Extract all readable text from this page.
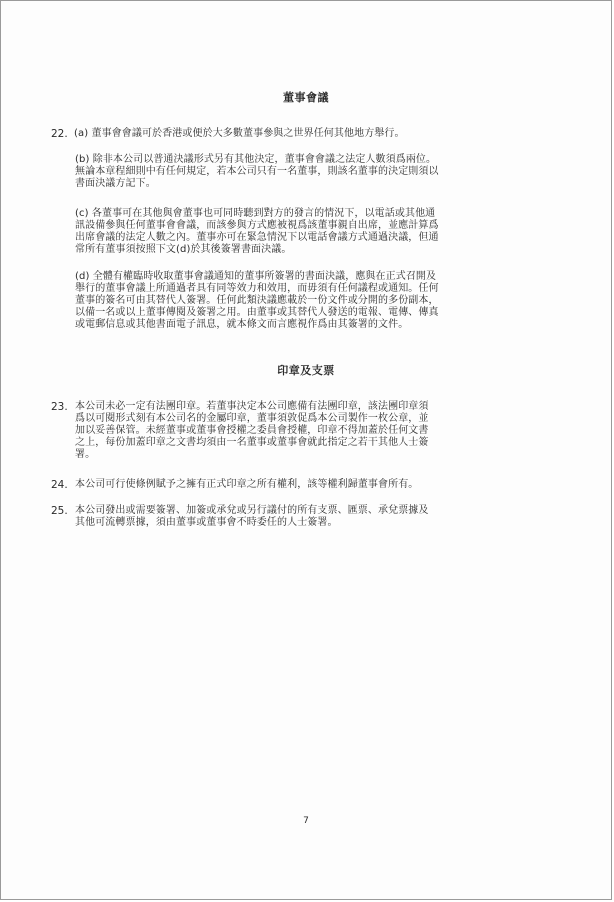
董事會議
22. (a) 董事會會議可於香港或便於大多數董事參與之世界任何其他地方舉行。
(b) 除非本公司以普通決議形式另有其他決定，董事會會議之法定人數須爲兩位。
無論本章程細則中有任何規定，若本公司只有一名董事，則該名董事的決定則須以
書面決議方記下。
(c) 各董事可在其他與會董事也可同時聽到對方的發言的情況下，以電話或其他通
訊設備參與任何董事會會議，而該參與方式應被視爲該董事親自出席，並應計算爲
出席會議的法定人數之內。董事亦可在緊急情況下以電話會議方式通過決議，但通
常所有董事須按照下文(d)於其後簽署書面決議。
(d) 全體有權臨時收取董事會議通知的董事所簽署的書面決議，應與在正式召開及
舉行的董事會議上所通過者具有同等效力和效用，而毋須有任何議程或通知。任何
董事的簽名可由其替代人簽署。任何此類決議應載於一份文件或分開的多份副本，
以備一名或以上董事傳閱及簽署之用。由董事或其替代人發送的電報、電傳、傳真
或電郵信息或其他書面電子訊息，就本條文而言應視作爲由其簽署的文件。
印章及支票
23. 本公司未必一定有法團印章。若董事決定本公司應備有法團印章，該法團印章須
爲以可閱形式刻有本公司名的金屬印章，董事須敦促爲本公司製作一枚公章，並
加以妥善保管。未經董事或董事會授權之委員會授權，印章不得加蓋於任何文書
之上，每份加蓋印章之文書均須由一名董事或董事會就此指定之若干其他人士簽
署。
24. 本公司可行使條例賦予之擁有正式印章之所有權利，該等權利歸董事會所有。
25. 本公司發出或需要簽署、加簽或承兌或另行議付的所有支票、匯票、承兌票據及
其他可流轉票據，須由董事或董事會不時委任的人士簽署。
7
